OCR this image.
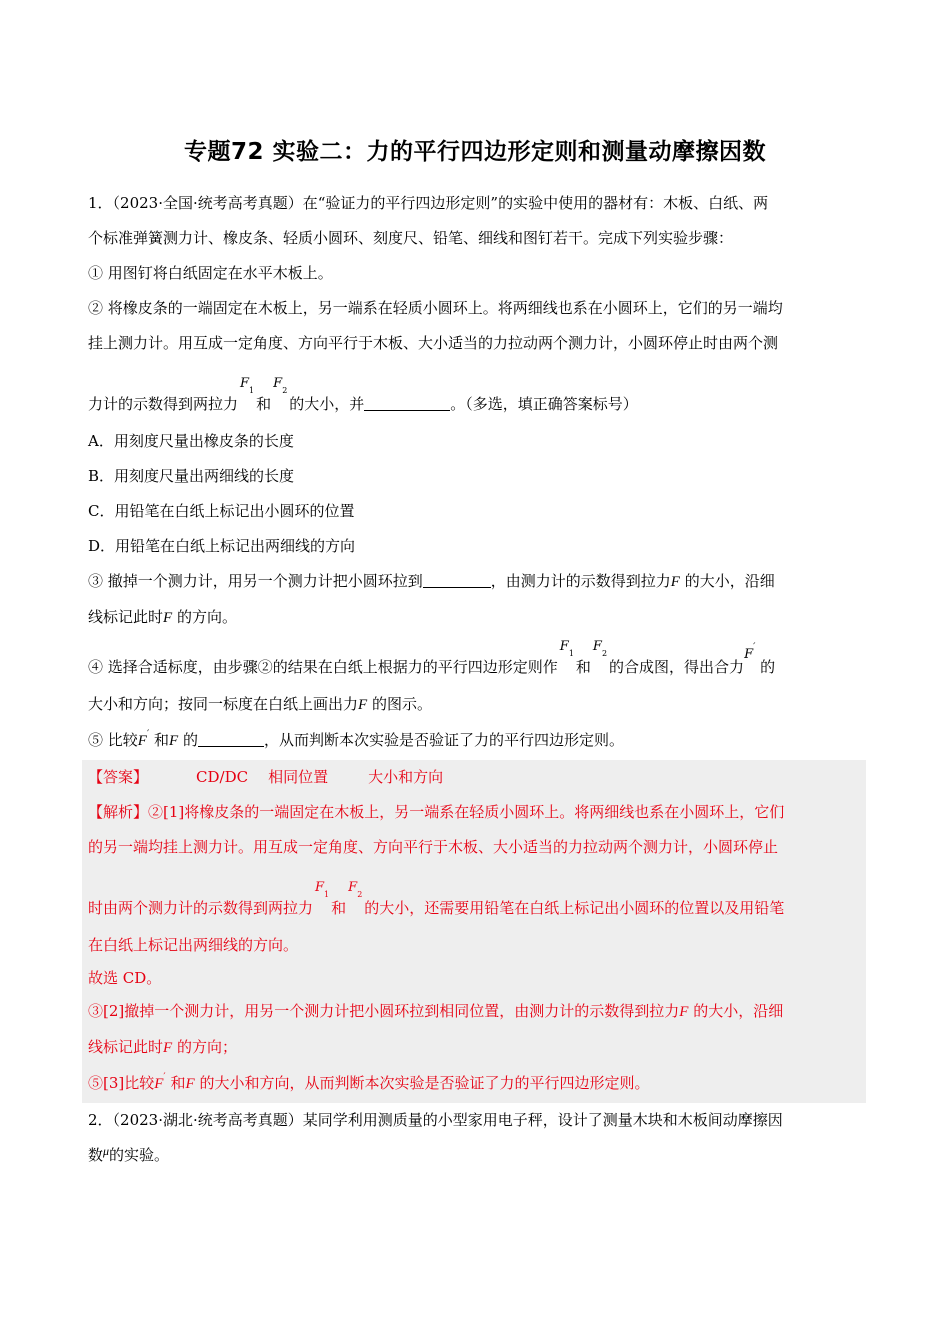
专题72 实验二：力的平行四边形定则和测量动摩擦因数

1．（2023·全国·统考高考真题）在“验证力的平行四边形定则”的实验中使用的器材有：木板、白纸、两

个标准弹簧测力计、橡皮条、轻质小圆环、刻度尺、铅笔、细线和图钉若干。完成下列实验步骤：

① 用图钉将白纸固定在水平木板上。

② 将橡皮条的一端固定在木板上，另一端系在轻质小圆环上。将两细线也系在小圆环上，它们的另一端均

挂上测力计。用互成一定角度、方向平行于木板、大小适当的力拉动两个测力计，小圆环停止时由两个测

力计的示数得到两拉力$F^1$和$F^2$的大小，并	。（多选，填正确答案标号）

A．用刻度尺量出橡皮条的长度

B．用刻度尺量出两细线的长度

C．用铅笔在白纸上标记出小圆环的位置

D．用铅笔在白纸上标记出两细线的方向

③ 撤掉一个测力计，用另一个测力计把小圆环拉到	，由测力计的示数得到拉力F 的大小，沿细

线标记此时F 的方向。

④ 选择合适标度，由步骤②的结果在白纸上根据力的平行四边形定则作$F^1$和$F^2$的合成图，得出合力F′ 的

大小和方向；按同一标度在白纸上画出力F 的图示。

⑤ 比较F′ 和F 的	，从而判断本次实验是否验证了力的平行四边形定则。

【答案】	CD/DC 相同位置	大小和方向

【解析】②[1]将橡皮条的一端固定在木板上，另一端系在轻质小圆环上。将两细线也系在小圆环上，它们

的另一端均挂上测力计。用互成一定角度、方向平行于木板、大小适当的力拉动两个测力计，小圆环停止

时由两个测力计的示数得到两拉力$F^1$和$F^2$的大小，还需要用铅笔在白纸上标记出小圆环的位置以及用铅笔

在白纸上标记出两细线的方向。

故选 CD。

③[2]撤掉一个测力计，用另一个测力计把小圆环拉到相同位置，由测力计的示数得到拉力F 的大小，沿细

线标记此时F 的方向；

⑤[3]比较F′ 和F 的大小和方向，从而判断本次实验是否验证了力的平行四边形定则。

2．（2023·湖北·统考高考真题）某同学利用测质量的小型家用电子秤，设计了测量木块和木板间动摩擦因

数$^\mu$的实验。
